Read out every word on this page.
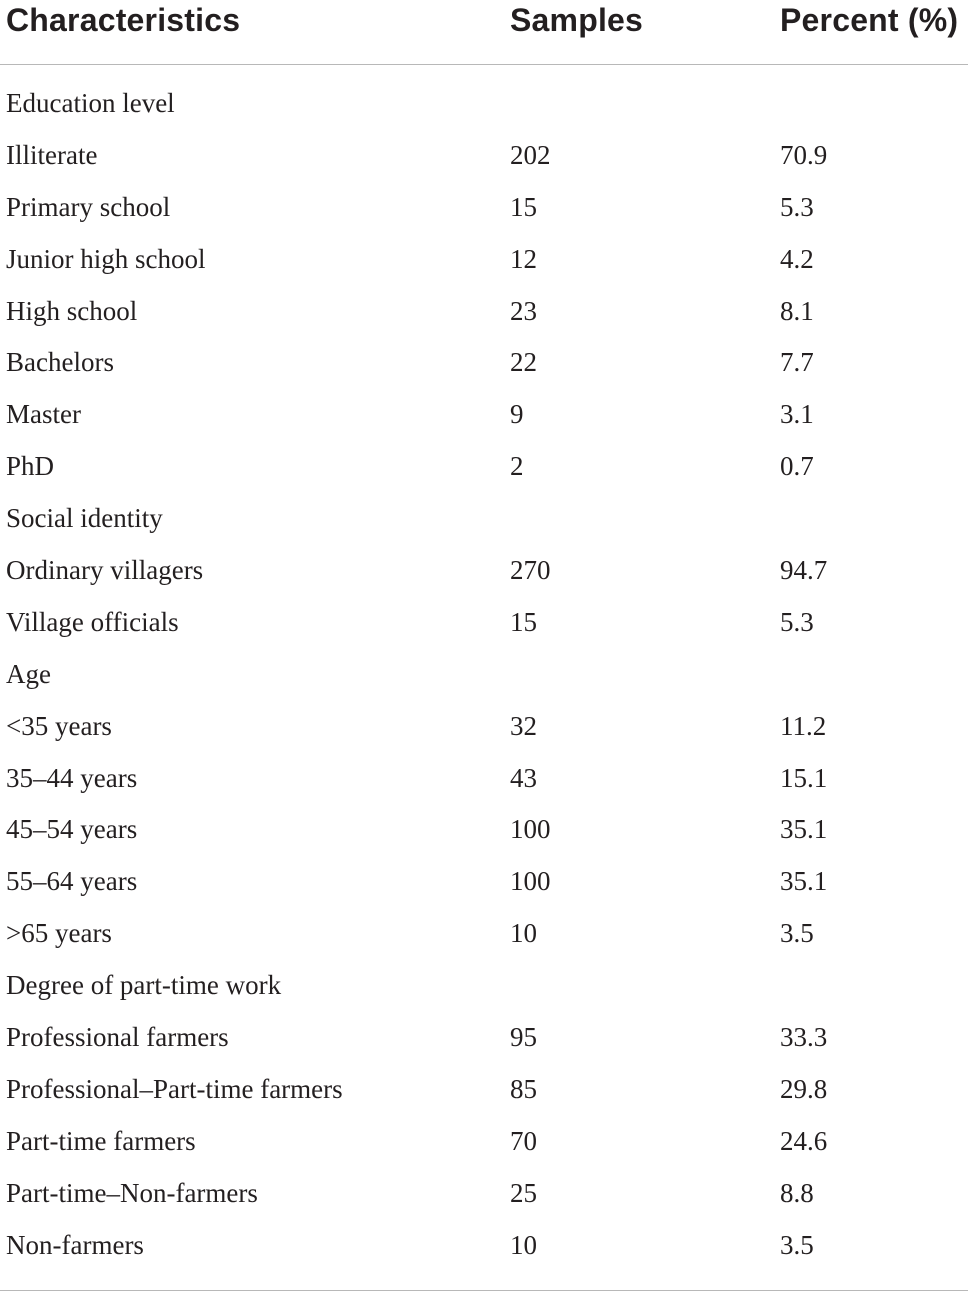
Characteristics	Samples	Percent (%)
Education level
Illiterate	202	70.9
Primary school	15	5.3
Junior high school	12	4.2
High school	23	8.1
Bachelors	22	7.7
Master	9	3.1
PhD	2	0.7
Social identity
Ordinary villagers	270	94.7
Village officials	15	5.3
Age
<35 years	32	11.2
35–44 years	43	15.1
45–54 years	100	35.1
55–64 years	100	35.1
>65 years	10	3.5
Degree of part-time work
Professional farmers	95	33.3
Professional–Part-time farmers	85	29.8
Part-time farmers	70	24.6
Part-time–Non-farmers	25	8.8
Non-farmers	10	3.5
